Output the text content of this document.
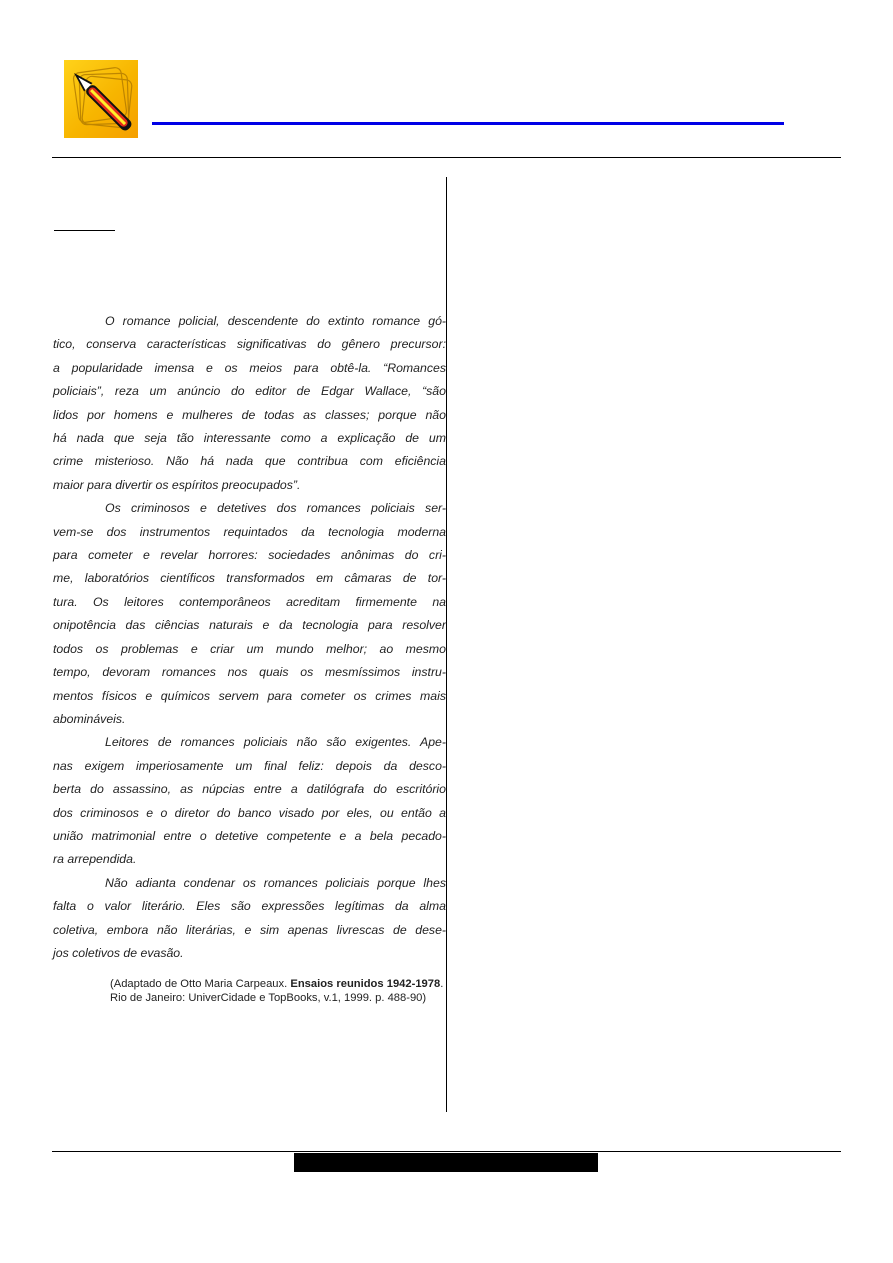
O romance policial, descendente do extinto romance gó-
tico, conserva características significativas do gênero precursor:
a popularidade imensa e os meios para obtê-la. “Romances
policiais”, reza um anúncio do editor de Edgar Wallace, “são
lidos por homens e mulheres de todas as classes; porque não
há nada que seja tão interessante como a explicação de um
crime misterioso. Não há nada que contribua com eficiência
maior para divertir os espíritos preocupados”.
Os criminosos e detetives dos romances policiais ser-
vem-se dos instrumentos requintados da tecnologia moderna
para cometer e revelar horrores: sociedades anônimas do cri-
me, laboratórios científicos transformados em câmaras de tor-
tura. Os leitores contemporâneos acreditam firmemente na
onipotência das ciências naturais e da tecnologia para resolver
todos os problemas e criar um mundo melhor; ao mesmo
tempo, devoram romances nos quais os mesmíssimos instru-
mentos físicos e químicos servem para cometer os crimes mais
abomináveis.
Leitores de romances policiais não são exigentes. Ape-
nas exigem imperiosamente um final feliz: depois da desco-
berta do assassino, as núpcias entre a datilógrafa do escritório
dos criminosos e o diretor do banco visado por eles, ou então a
união matrimonial entre o detetive competente e a bela pecado-
ra arrependida.
Não adianta condenar os romances policiais porque lhes
falta o valor literário. Eles são expressões legítimas da alma
coletiva, embora não literárias, e sim apenas livrescas de dese-
jos coletivos de evasão.
(Adaptado de Otto Maria Carpeaux. Ensaios reunidos 1942-1978.
Rio de Janeiro: UniverCidade e TopBooks, v.1, 1999. p. 488-90)
